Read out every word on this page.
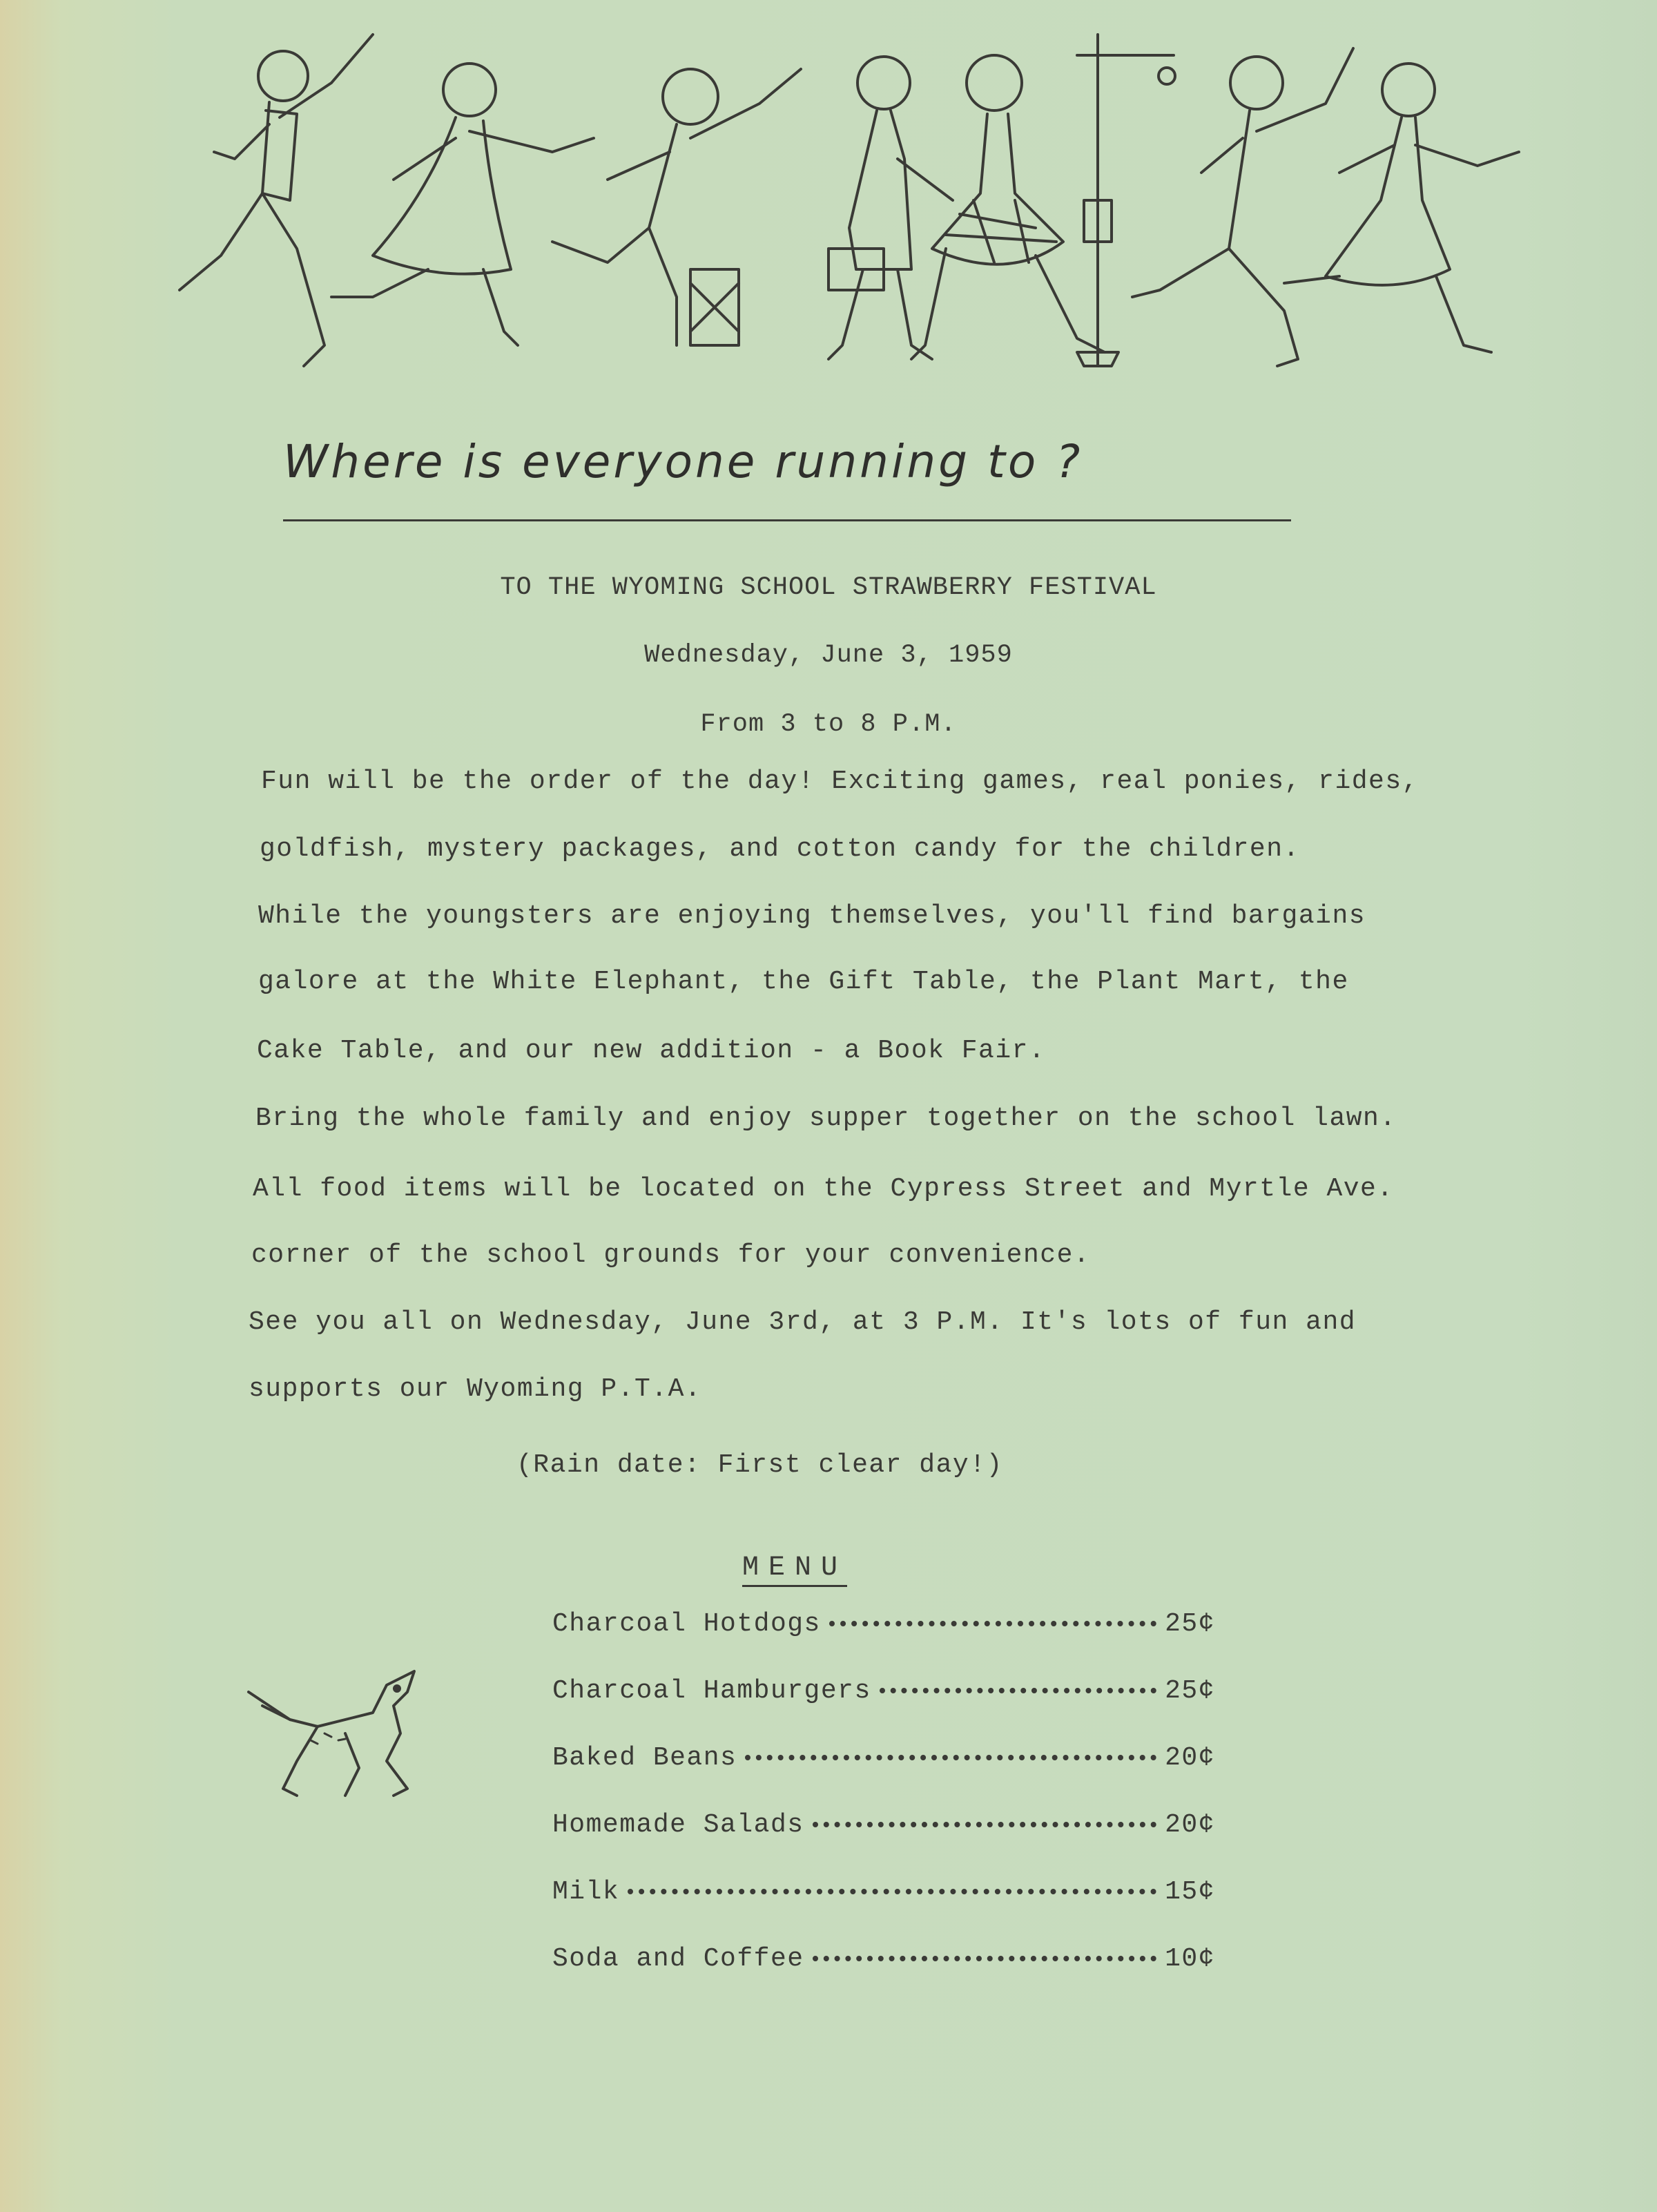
Where is everyone running to ?
TO THE WYOMING SCHOOL STRAWBERRY FESTIVAL
Wednesday, June 3, 1959
From 3 to 8 P.M.
Fun will be the order of the day! Exciting games, real ponies, rides,
goldfish, mystery packages, and cotton candy for the children.
While the youngsters are enjoying themselves, you'll find bargains
galore at the White Elephant, the Gift Table, the Plant Mart, the
Cake Table, and our new addition - a Book Fair.
Bring the whole family and enjoy supper together on the school lawn.
All food items will be located on the Cypress Street and Myrtle Ave.
corner of the school grounds for your convenience.
See you all on Wednesday, June 3rd, at 3 P.M. It's lots of fun and
supports our Wyoming P.T.A.
(Rain date: First clear day!)
MENU
Charcoal Hotdogs	25¢
Charcoal Hamburgers	25¢
Baked Beans	20¢
Homemade Salads	20¢
Milk	15¢
Soda and Coffee	10¢
